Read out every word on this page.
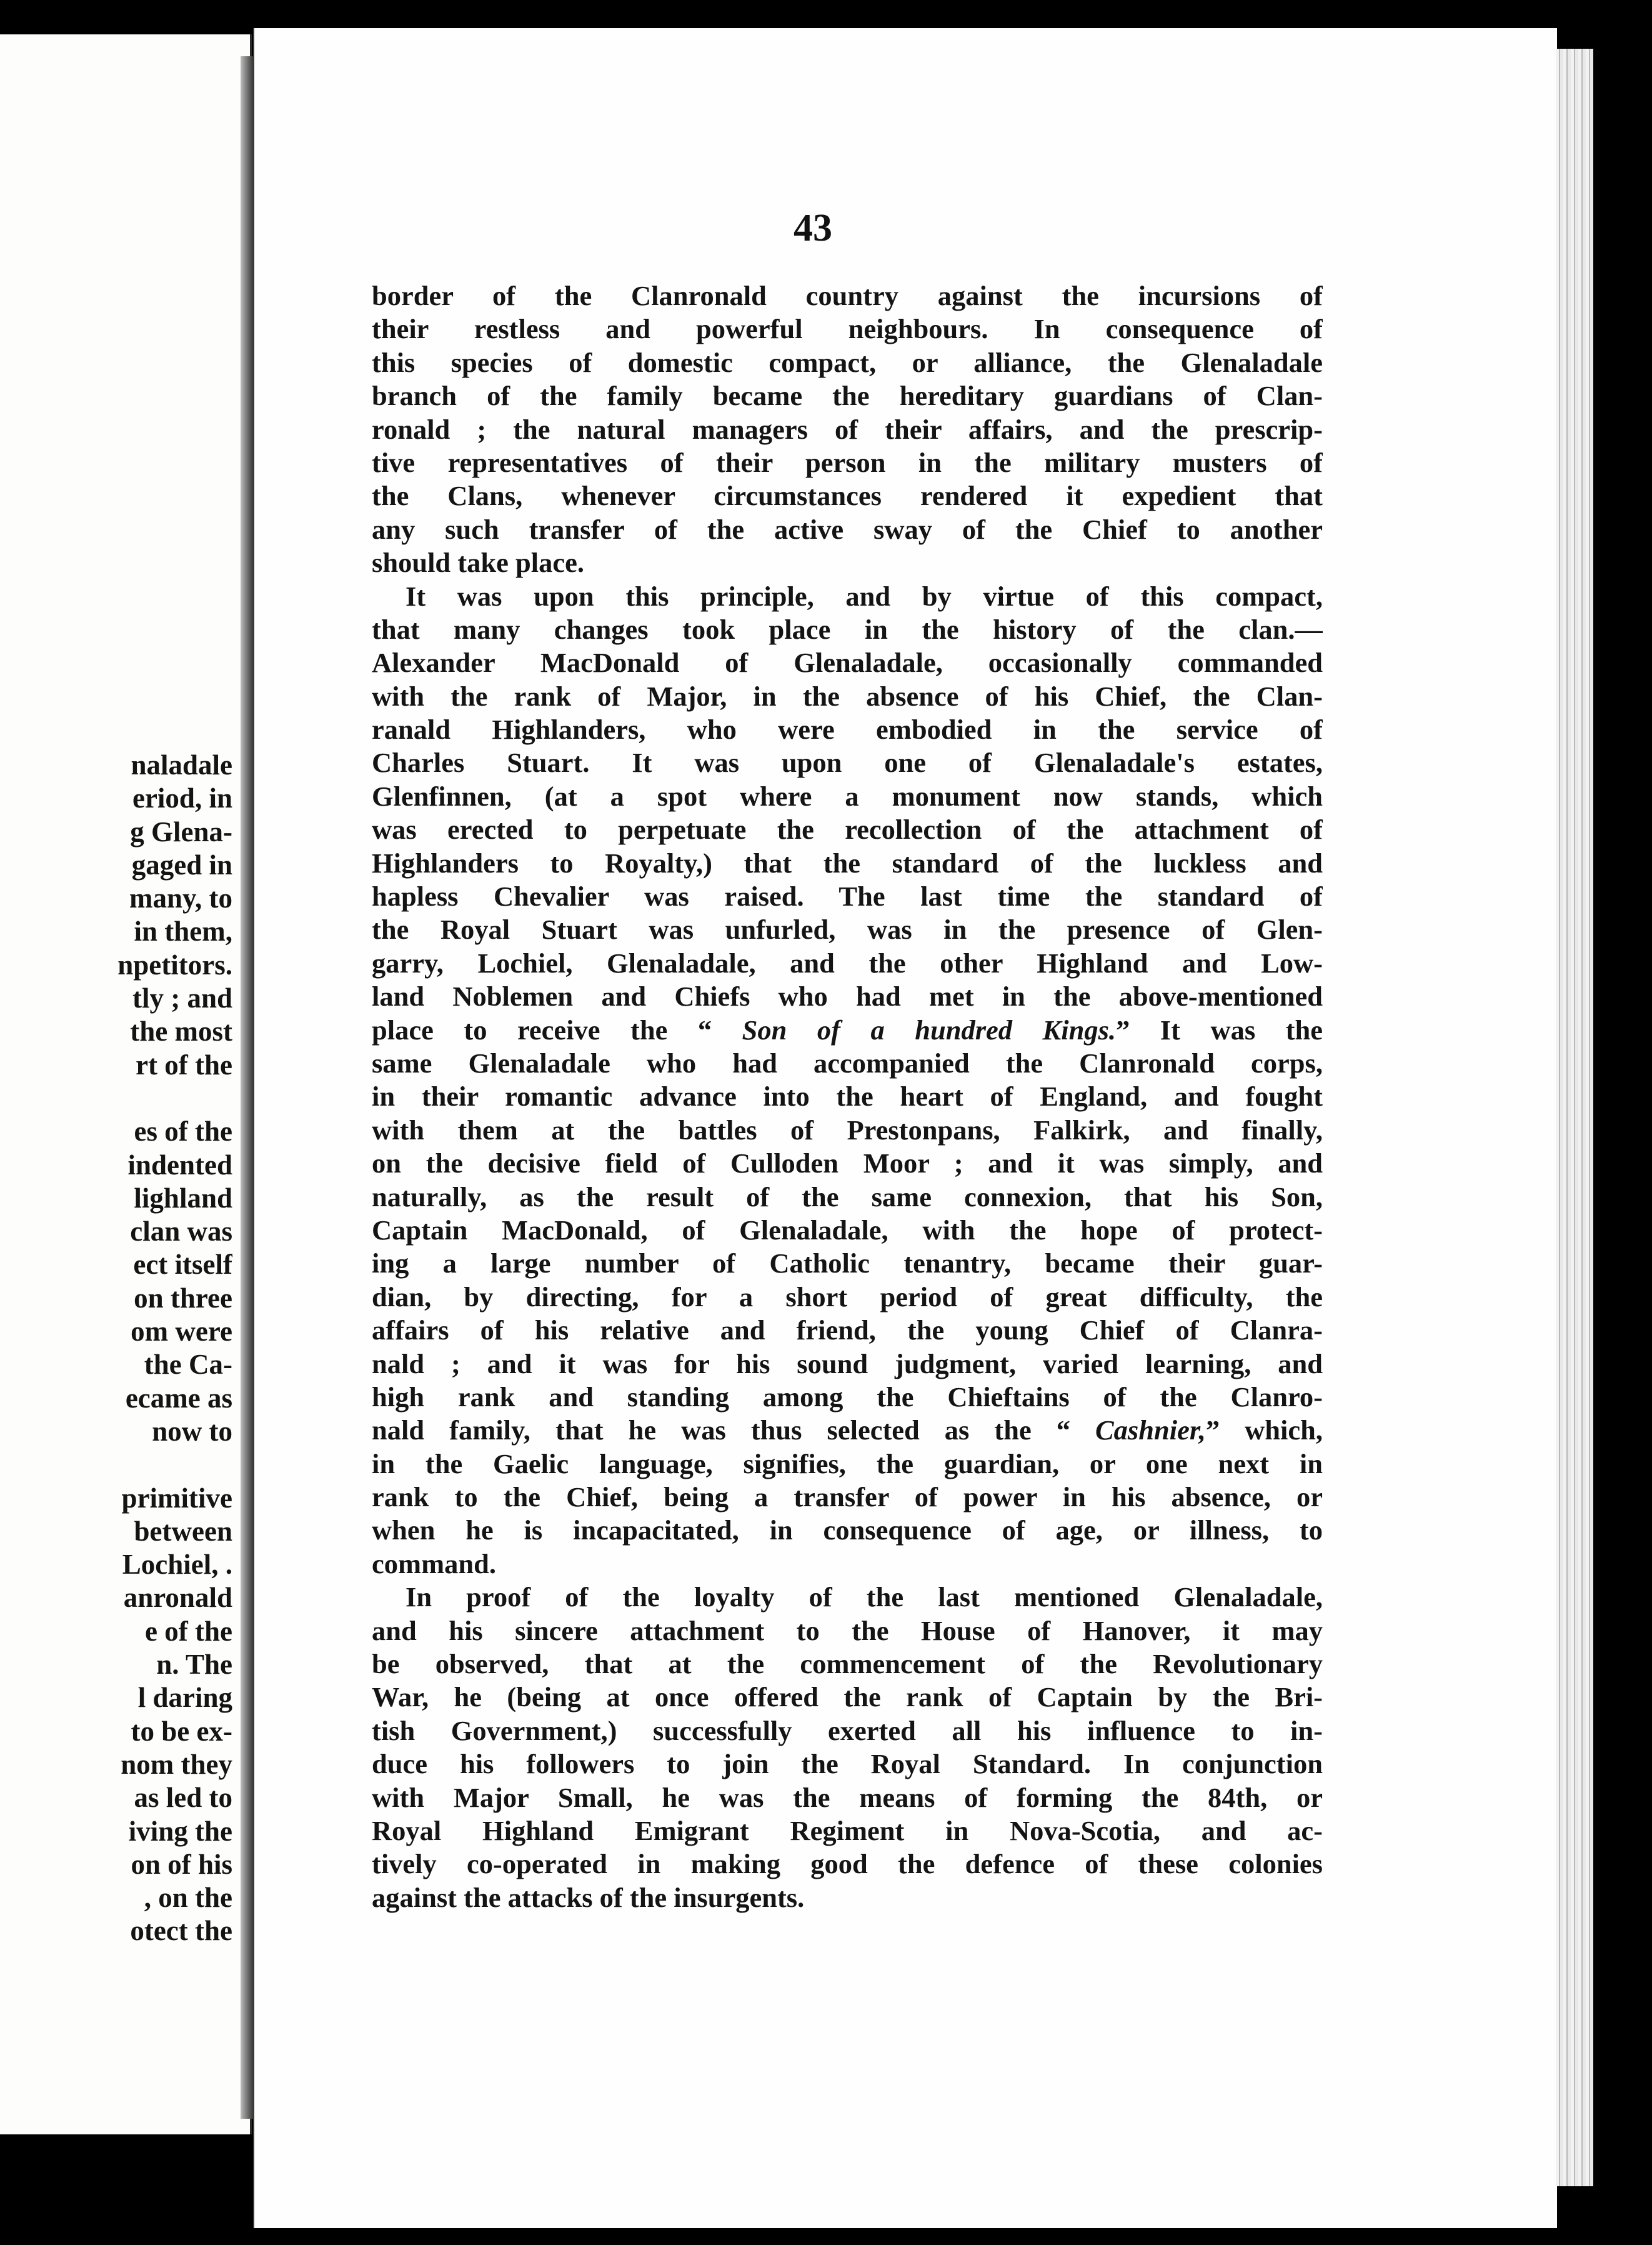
naladale
eriod, in
g Glena-
gaged in
many, to
in them,
npetitors.
tly ; and
the most
rt of the
es of the
indented
lighland
clan was
ect itself
on three
om were
the Ca-
ecame as
now to
primitive
between
Lochiel, .
anronald
e of the
n. The
l daring
to be ex-
nom they
as led to
iving the
on of his
, on the
otect the
43
border of the Clanronald country against the incursions of
their restless and powerful neighbours. In consequence of
this species of domestic compact, or alliance, the Glenaladale
branch of the family became the hereditary guardians of Clan-
ronald ; the natural managers of their affairs, and the prescrip-
tive representatives of their person in the military musters of
the Clans, whenever circumstances rendered it expedient that
any such transfer of the active sway of the Chief to another
should take place.
It was upon this principle, and by virtue of this compact,
that many changes took place in the history of the clan.—
Alexander MacDonald of Glenaladale, occasionally commanded
with the rank of Major, in the absence of his Chief, the Clan-
ranald Highlanders, who were embodied in the service of
Charles Stuart. It was upon one of Glenaladale's estates,
Glenfinnen, (at a spot where a monument now stands, which
was erected to perpetuate the recollection of the attachment of
Highlanders to Royalty,) that the standard of the luckless and
hapless Chevalier was raised. The last time the standard of
the Royal Stuart was unfurled, was in the presence of Glen-
garry, Lochiel, Glenaladale, and the other Highland and Low-
land Noblemen and Chiefs who had met in the above-mentioned
place to receive the “ Son of a hundred Kings.” It was the
same Glenaladale who had accompanied the Clanronald corps,
in their romantic advance into the heart of England, and fought
with them at the battles of Prestonpans, Falkirk, and finally,
on the decisive field of Culloden Moor ; and it was simply, and
naturally, as the result of the same connexion, that his Son,
Captain MacDonald, of Glenaladale, with the hope of protect-
ing a large number of Catholic tenantry, became their guar-
dian, by directing, for a short period of great difficulty, the
affairs of his relative and friend, the young Chief of Clanra-
nald ; and it was for his sound judgment, varied learning, and
high rank and standing among the Chieftains of the Clanro-
nald family, that he was thus selected as the “ Cashnier,” which,
in the Gaelic language, signifies, the guardian, or one next in
rank to the Chief, being a transfer of power in his absence, or
when he is incapacitated, in consequence of age, or illness, to
command.
In proof of the loyalty of the last mentioned Glenaladale,
and his sincere attachment to the House of Hanover, it may
be observed, that at the commencement of the Revolutionary
War, he (being at once offered the rank of Captain by the Bri-
tish Government,) successfully exerted all his influence to in-
duce his followers to join the Royal Standard. In conjunction
with Major Small, he was the means of forming the 84th, or
Royal Highland Emigrant Regiment in Nova-Scotia, and ac-
tively co-operated in making good the defence of these colonies
against the attacks of the insurgents.
